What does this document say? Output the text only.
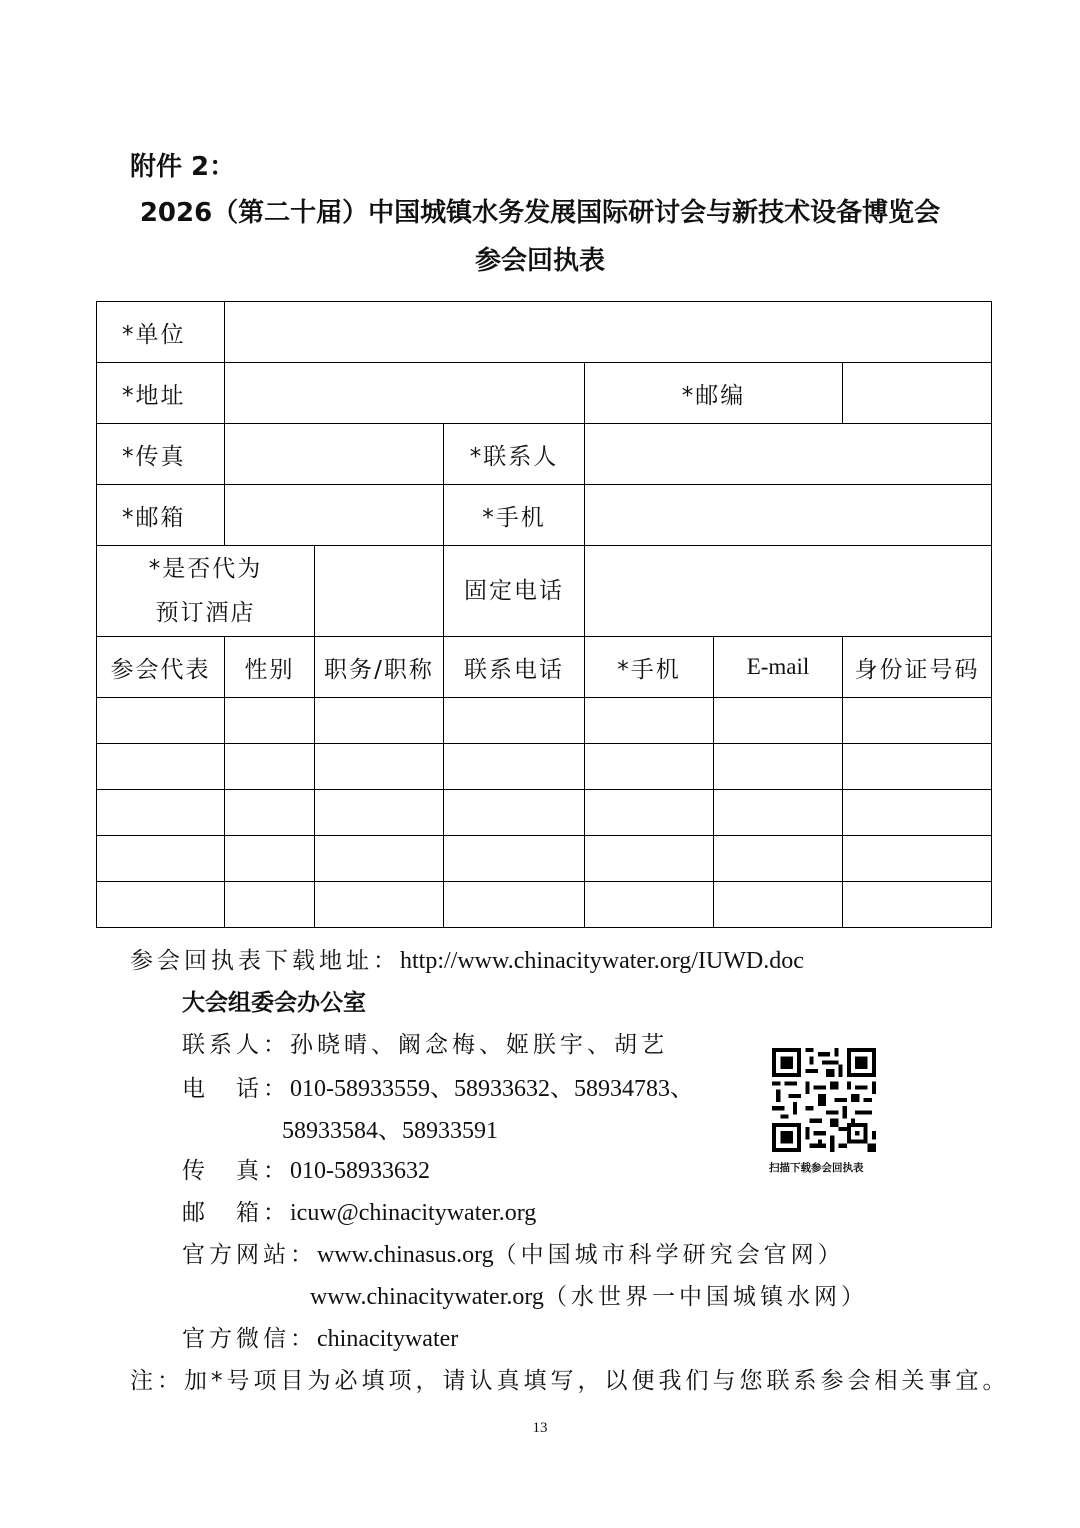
附件 2：
2026（第二十届）中国城镇水务发展国际研讨会与新技术设备博览会
参会回执表
*单位						
*地址				*邮编		
*传真			*联系人			
*邮箱			*手机			

*是否代为
预订酒店			固定电话			
参会代表	性别	职务/职称	联系电话	*手机	E-mail	身份证号码

参会回执表下载地址：http://www.chinacitywater.org/IUWD.doc
大会组委会办公室
联系人：孙晓晴、阚念梅、姬朕宇、胡艺
电　话：010-58933559、58933632、58934783、
58933584、58933591
传　真：010-58933632
邮　箱：icuw@chinacitywater.org
官方网站：www.chinasus.org（中国城市科学研究会官网）
www.chinacitywater.org（水世界一中国城镇水网）
官方微信：chinacitywater
注：加*号项目为必填项，请认真填写，以便我们与您联系参会相关事宜。
扫描下载参会回执表
13
